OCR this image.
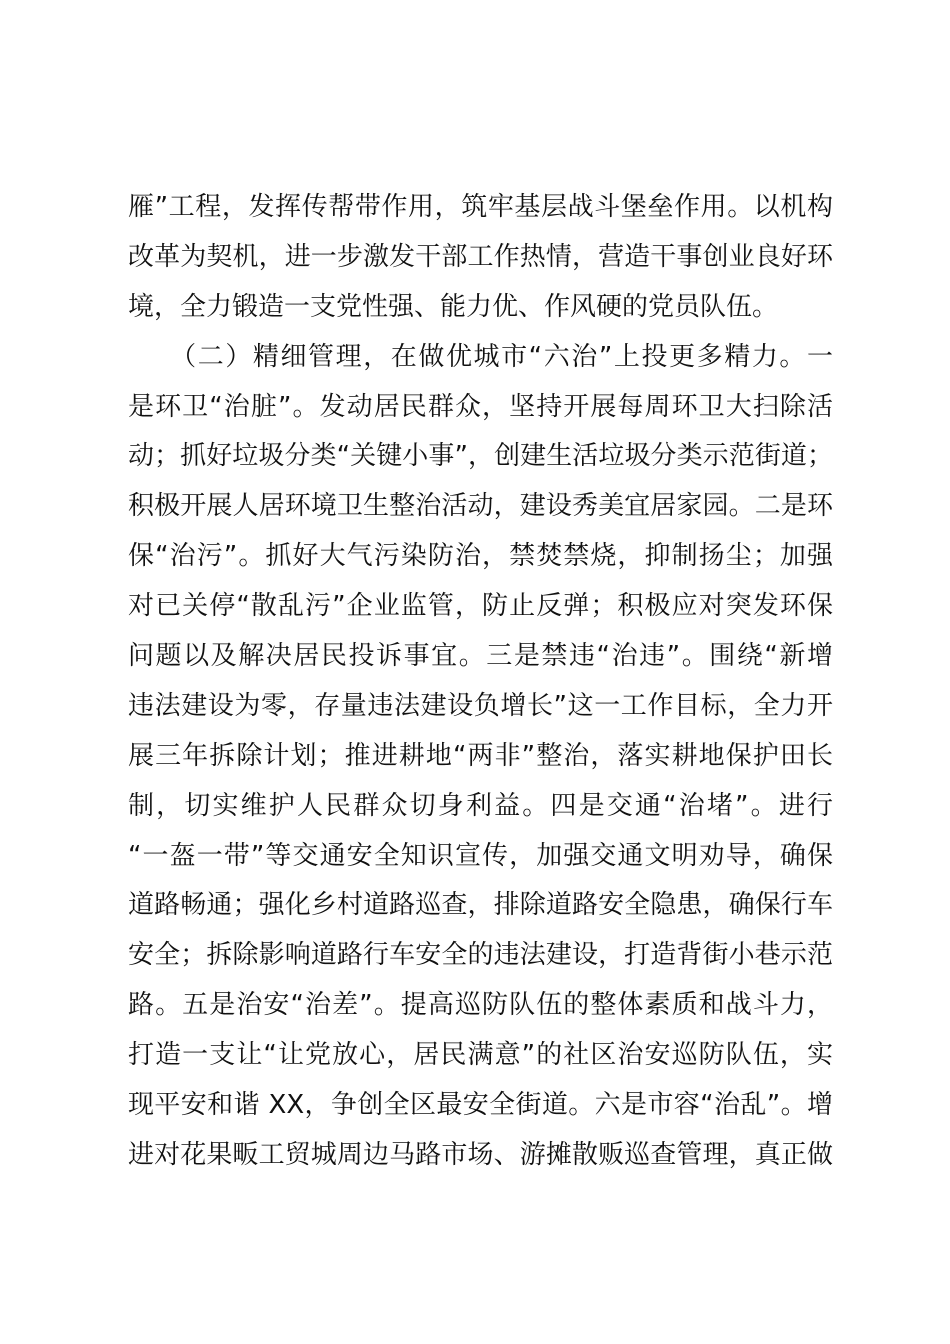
雁”工程，发挥传帮带作用，筑牢基层战斗堡垒作用。以机构
改革为契机，进一步激发干部工作热情，营造干事创业良好环
境，全力锻造一支党性强、能力优、作风硬的党员队伍。
　　（二）精细管理，在做优城市“六治”上投更多精力。一
是环卫“治脏”。发动居民群众，坚持开展每周环卫大扫除活
动；抓好垃圾分类“关键小事”，创建生活垃圾分类示范街道；
积极开展人居环境卫生整治活动，建设秀美宜居家园。二是环
保“治污”。抓好大气污染防治，禁焚禁烧，抑制扬尘；加强
对已关停“散乱污”企业监管，防止反弹；积极应对突发环保
问题以及解决居民投诉事宜。三是禁违“治违”。围绕“新增
违法建设为零，存量违法建设负增长”这一工作目标，全力开
展三年拆除计划；推进耕地“两非”整治，落实耕地保护田长
制，切实维护人民群众切身利益。四是交通“治堵”。进行
“一盔一带”等交通安全知识宣传，加强交通文明劝导，确保
道路畅通；强化乡村道路巡查，排除道路安全隐患，确保行车
安全；拆除影响道路行车安全的违法建设，打造背街小巷示范
路。五是治安“治差”。提高巡防队伍的整体素质和战斗力，
打造一支让“让党放心，居民满意”的社区治安巡防队伍，实
现平安和谐 XX，争创全区最安全街道。六是市容“治乱”。增
进对花果畈工贸城周边马路市场、游摊散贩巡查管理，真正做
